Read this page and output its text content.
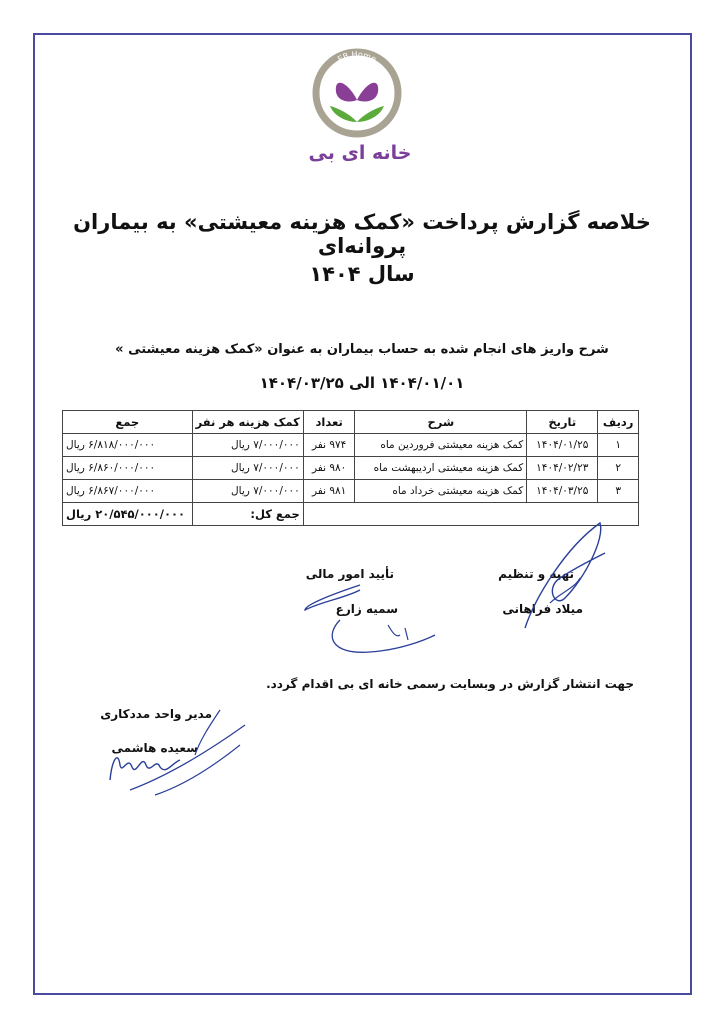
EB Home
خانه ای بی
خلاصه گزارش پرداخت «کمک هزینه معیشتی» به بیماران پروانه‌ای
سال ۱۴۰۴
شرح واریز های انجام شده به حساب بیماران به عنوان «کمک هزینه معیشتی »
۱۴۰۴/۰۱/۰۱ الی ۱۴۰۴/۰۳/۲۵
ردیف	تاریخ	شرح	تعداد	کمک هزینه هر نفر	جمع
۱	۱۴۰۴/۰۱/۲۵	کمک هزینه معیشتی فروردین ماه	۹۷۴ نفر	۷/۰۰۰/۰۰۰ ریال	۶/۸۱۸/۰۰۰/۰۰۰ ریال
۲	۱۴۰۴/۰۲/۲۳	کمک هزینه معیشتی اردیبهشت ماه	۹۸۰ نفر	۷/۰۰۰/۰۰۰ ریال	۶/۸۶۰/۰۰۰/۰۰۰ ریال
۳	۱۴۰۴/۰۳/۲۵	کمک هزینه معیشتی خرداد ماه	۹۸۱ نفر	۷/۰۰۰/۰۰۰ ریال	۶/۸۶۷/۰۰۰/۰۰۰ ریال
				جمع کل:	۲۰/۵۴۵/۰۰۰/۰۰۰ ریال
تهیه و تنظیم
میلاد فراهانی
تأیید امور مالی
سمیه زارع
جهت انتشار گزارش در وبسایت رسمی خانه ای بی اقدام گردد.
مدیر واحد مددکاری
سعیده هاشمی
